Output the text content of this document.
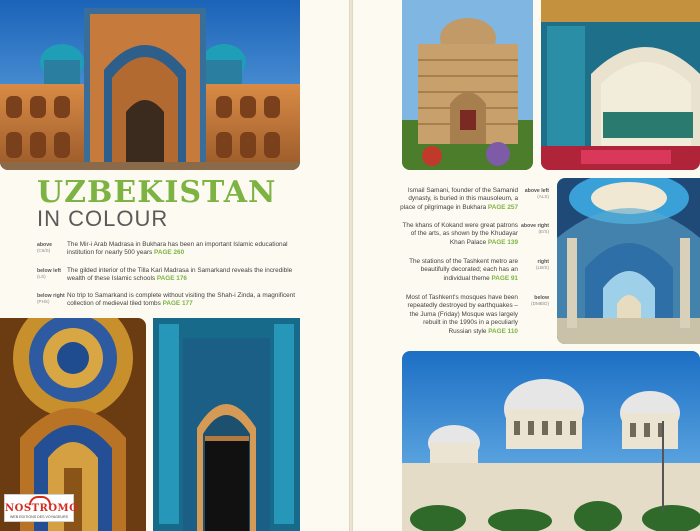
UZBEKISTAN
IN COLOUR
above
(C6/S)
The Mir-i Arab Madrasa in Bukhara has been an important Islamic educational institution for nearly 500 years PAGE 260
below left
(LS)
The gilded interior of the Tilla Kari Madrasa in Samarkand reveals the incredible wealth of these Islamic schools PAGE 176
below right
(PHS)
No trip to Samarkand is complete without visiting the Shah-i Zinda, a magnificent collection of medieval tiled tombs PAGE 177
NOSTROMO
WEB EDITIONS DES VOYAGEURS
Ismail Samani, founder of the Samanid dynasty, is buried in this mausoleum, a place of pilgrimage in Bukhara PAGE 257
above left
(ALS)
The khans of Kokand were great patrons of the arts, as shown by the Khudayar Khan Palace PAGE 139
above right
(E/S)
The stations of the Tashkent metro are beautifully decorated; each has an individual theme PAGE 91
right
(LB/S)
Most of Tashkent's mosques have been repeatedly destroyed by earthquakes – the Juma (Friday) Mosque was largely rebuilt in the 1990s in a peculiarly Russian style PAGE 110
below
(DMB/D)
